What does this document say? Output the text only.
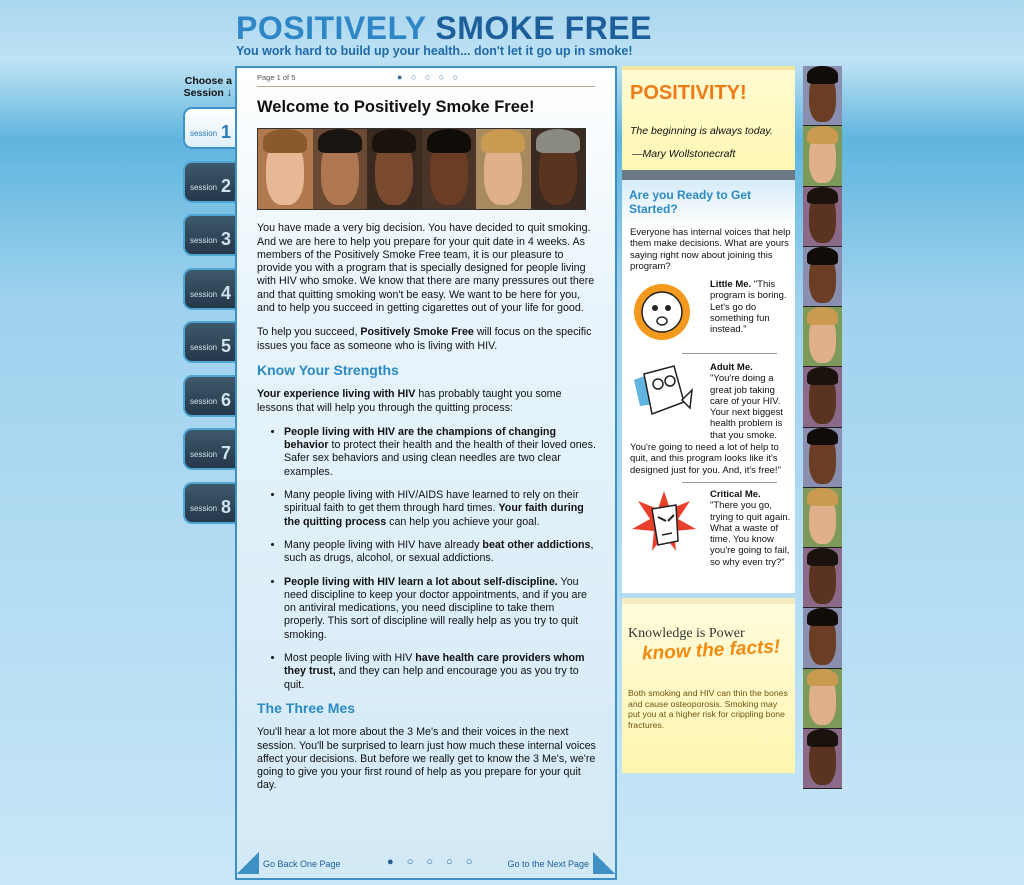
POSITIVELY SMOKE FREE
You work hard to build up your health... don't let it go up in smoke!
Choose a Session ↓
session 1
session 2
session 3
session 4
session 5
session 6
session 7
session 8
Page 1 of 5	● ○ ○ ○ ○
Welcome to Positively Smoke Free!

You have made a very big decision. You have decided to quit smoking. And we are here to help you prepare for your quit date in 4 weeks. As members of the Positively Smoke Free team, it is our pleasure to provide you with a program that is specially designed for people living with HIV who smoke. We know that there are many pressures out there and that quitting smoking won't be easy. We want to be here for you, and to help you succeed in getting cigarettes out of your life for good.

To help you succeed, Positively Smoke Free will focus on the specific issues you face as someone who is living with HIV.

Know Your Strengths

Your experience living with HIV has probably taught you some lessons that will help you through the quitting process:

• People living with HIV are the champions of changing behavior to protect their health and the health of their loved ones. Safer sex behaviors and using clean needles are two clear examples.
• Many people living with HIV/AIDS have learned to rely on their spiritual faith to get them through hard times. Your faith during the quitting process can help you achieve your goal.
• Many people living with HIV have already beat other addictions, such as drugs, alcohol, or sexual addictions.
• People living with HIV learn a lot about self-discipline. You need discipline to keep your doctor appointments, and if you are on antiviral medications, you need discipline to take them properly. This sort of discipline will really help as you try to quit smoking.
• Most people living with HIV have health care providers whom they trust, and they can help and encourage you as you try to quit.
The Three Mes

You'll hear a lot more about the 3 Me's and their voices in the next session. You'll be surprised to learn just how much these internal voices affect your decisions. But before we really get to know the 3 Me's, we're going to give you your first round of help as you prepare for your quit day.

Go Back One Page	● ○ ○ ○ ○	Go to the Next Page
POSITIVITY!
The beginning is always today.
—Mary Wollstonecraft
Are you Ready to Get Started?
Everyone has internal voices that help them make decisions. What are yours saying right now about joining this program?
Little Me. "This program is boring. Let's go do something fun instead."
Adult Me.
"You're doing a great job taking care of your HIV. Your next biggest health problem is that you smoke.
You're going to need a lot of help to quit, and this program looks like it's designed just for you. And, it's free!"
Critical Me.
"There you go, trying to quit again. What a waste of time. You know you're going to fail, so why even try?"
Knowledge is Power
know the facts!
Both smoking and HIV can thin the bones and cause osteoporosis. Smoking may put you at a higher risk for crippling bone fractures.
